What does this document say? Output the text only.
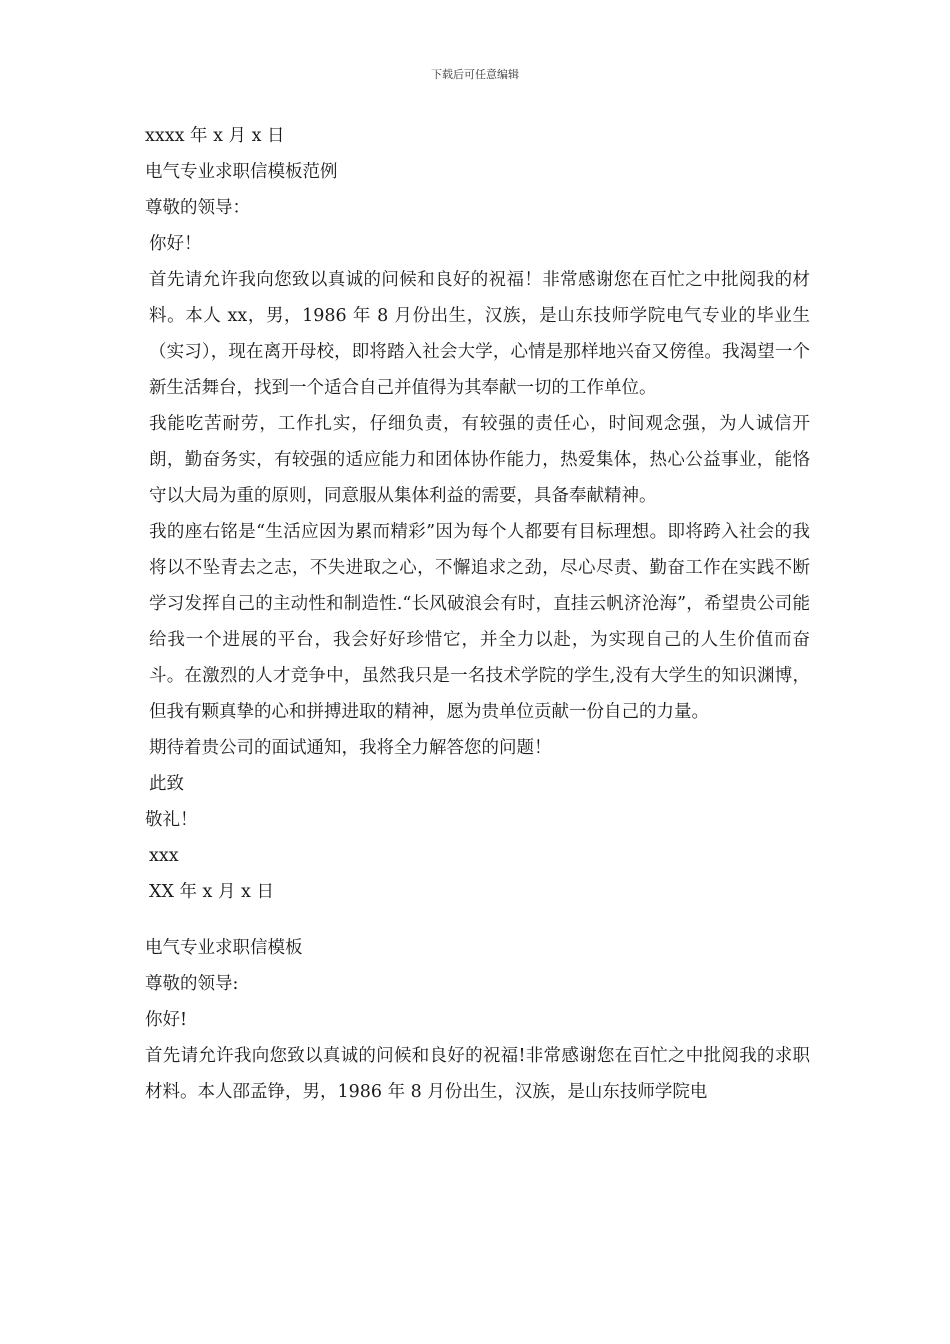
下载后可任意编辑
xxxx 年 x 月 x 日
电气专业求职信模板范例
尊敬的领导：
你好！
首先请允许我向您致以真诚的问候和良好的祝福！非常感谢您在百忙之中批阅我的材料。本人 xx，男，1986 年 8 月份出生，汉族，是山东技师学院电气专业的毕业生（实习），现在离开母校，即将踏入社会大学，心情是那样地兴奋又傍徨。我渴望一个新生活舞台，找到一个适合自己并值得为其奉献一切的工作单位。
我能吃苦耐劳，工作扎实，仔细负责，有较强的责任心，时间观念强，为人诚信开朗，勤奋务实，有较强的适应能力和团体协作能力，热爱集体，热心公益事业，能恪守以大局为重的原则，同意服从集体利益的需要，具备奉献精神。
我的座右铭是“生活应因为累而精彩”因为每个人都要有目标理想。即将跨入社会的我将以不坠青去之志，不失进取之心，不懈追求之劲，尽心尽责、勤奋工作在实践不断学习发挥自己的主动性和制造性.“长风破浪会有时，直挂云帆济沧海”，希望贵公司能给我一个进展的平台，我会好好珍惜它，并全力以赴，为实现自己的人生价值而奋斗。在激烈的人才竞争中，虽然我只是一名技术学院的学生,没有大学生的知识渊博，但我有颗真挚的心和拼搏进取的精神，愿为贵单位贡献一份自己的力量。
期待着贵公司的面试通知，我将全力解答您的问题！
此致
敬礼！
xxx
XX 年 x 月 x 日
电气专业求职信模板
尊敬的领导:
你好!
首先请允许我向您致以真诚的问候和良好的祝福!非常感谢您在百忙之中批阅我的求职材料。本人邵孟铮，男，1986 年 8 月份出生，汉族，是山东技师学院电
